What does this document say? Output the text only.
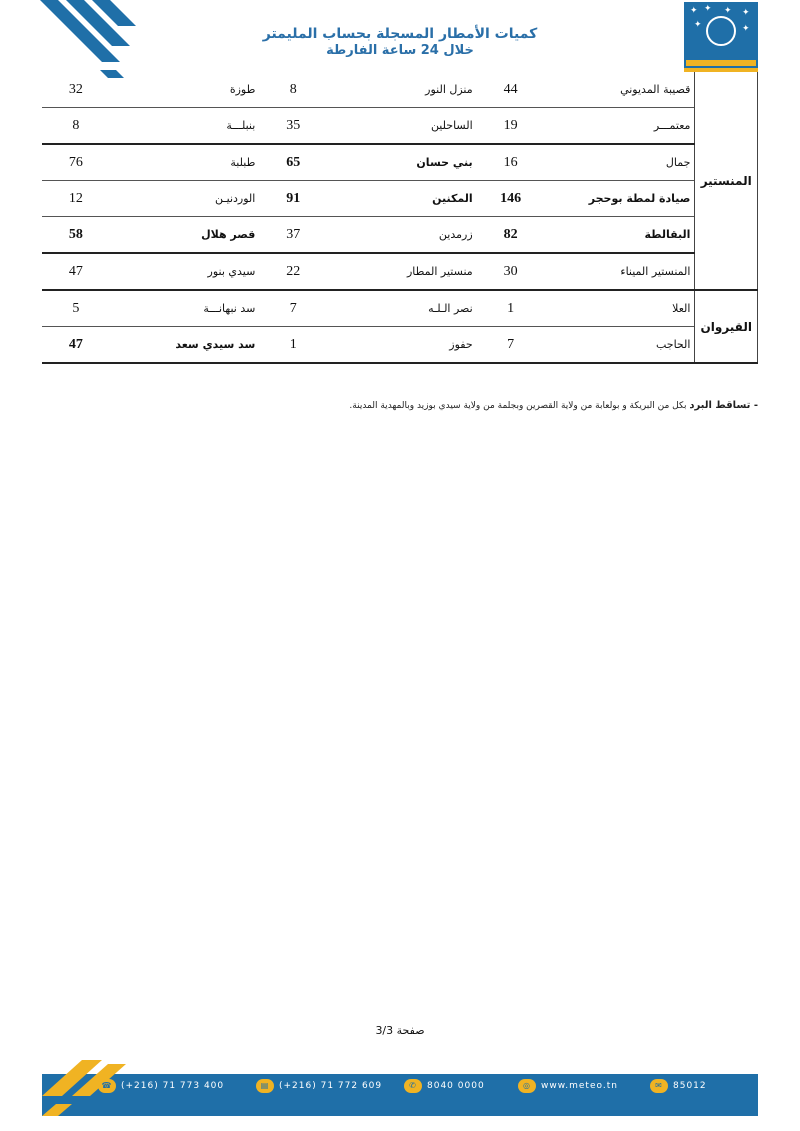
✦ ✦ ✦ ✦
✦	✦
كميات الأمطار المسجلة بحساب المليمتر
خلال 24 ساعة الفارطة
المنستير	قصيبة المديوني	44	منزل النور	8	طوزة	32
	معتمـــر	19	الساحلين	35	بنبلـــة	8
	جمال	16	بني حسان	65	طبلبة	76
	صيادة لمطة بوحجر	146	المكنين	91	الوردنيـن	12
	البقالطة	82	زرمدين	37	قصر هلال	58
	المنستير الميناء	30	منستير المطار	22	سيدي بنور	47
القيروان	العلا	1	نصر الـلـه	7	سد نبهانـــة	5
	الحاجب	7	حفوز	1	سد سيدي سعد	47
- تساقط البرد بكل من البريكة و بولعابة من ولاية القصرين وبجلمة من ولاية سيدي بوزيد وبالمهدية المدينة.
صفحة 3/3
B. P. n°156 · 2035 · Tunis Carthage · ص.ب. 156 قرطاج · 2035 · تونس قرطاج
☎ (+216) 71 773 400	▤	(+216) 71 772 609	✆	8040 0000	◎	www.meteo.tn	✉	85012
